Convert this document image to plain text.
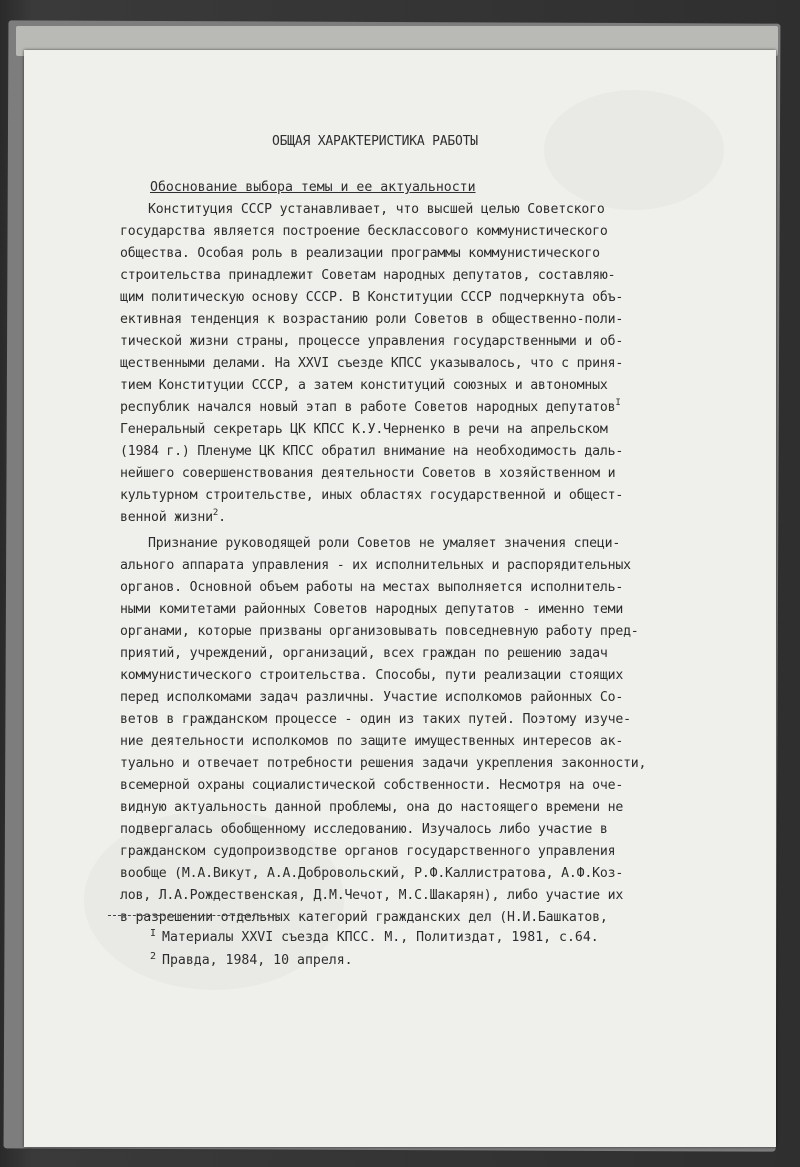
ОБЩАЯ ХАРАКТЕРИСТИКА РАБОТЫ
Обоснование выбора темы и ее актуальности
Конституция СССР устанавливает, что высшей целью Советского
государства является построение бесклассового коммунистического
общества. Особая роль в реализации программы коммунистического
строительства принадлежит Советам народных депутатов, составляю-
щим политическую основу СССР. В Конституции СССР подчеркнута объ-
ективная тенденция к возрастанию роли Советов в общественно-поли-
тической жизни страны, процессе управления государственными и об-
щественными делами. На XXVI съезде КПСС указывалось, что с приня-
тием Конституции СССР, а затем конституций союзных и автономных
республик начался новый этап в работе Советов народных депутатов$^I$
Генеральный секретарь ЦК КПСС К.У.Черненко в речи на апрельском
(1984 г.) Пленуме ЦК КПСС обратил внимание на необходимость даль-
нейшего совершенствования деятельности Советов в хозяйственном и
культурном строительстве, иных областях государственной и общест-
венной жизни$^2$.
Признание руководящей роли Советов не умаляет значения специ-
ального аппарата управления - их исполнительных и распорядительных
органов. Основной объем работы на местах выполняется исполнитель-
ными комитетами районных Советов народных депутатов - именно теми
органами, которые призваны организовывать повседневную работу пред-
приятий, учреждений, организаций, всех граждан по решению задач
коммунистического строительства. Способы, пути реализации стоящих
перед исполкомами задач различны. Участие исполкомов районных Со-
ветов в гражданском процессе - один из таких путей. Поэтому изуче-
ние деятельности исполкомов по защите имущественных интересов ак-
туально и отвечает потребности решения задачи укрепления законности,
всемерной охраны социалистической собственности. Несмотря на оче-
видную актуальность данной проблемы, она до настоящего времени не
подвергалась обобщенному исследованию. Изучалось либо участие в
гражданском судопроизводстве органов государственного управления
вообще (М.А.Викут, А.А.Добровольский, Р.Ф.Каллистратова, А.Ф.Коз-
лов, Л.А.Рождественская, Д.М.Чечот, М.С.Шакарян), либо участие их
в разрешении отдельных категорий гражданских дел (Н.И.Башкатов,
$^I$ Материалы XXVI съезда КПСС. М., Политиздат, 1981, с.64.
$^2$ Правда, 1984, 10 апреля.
